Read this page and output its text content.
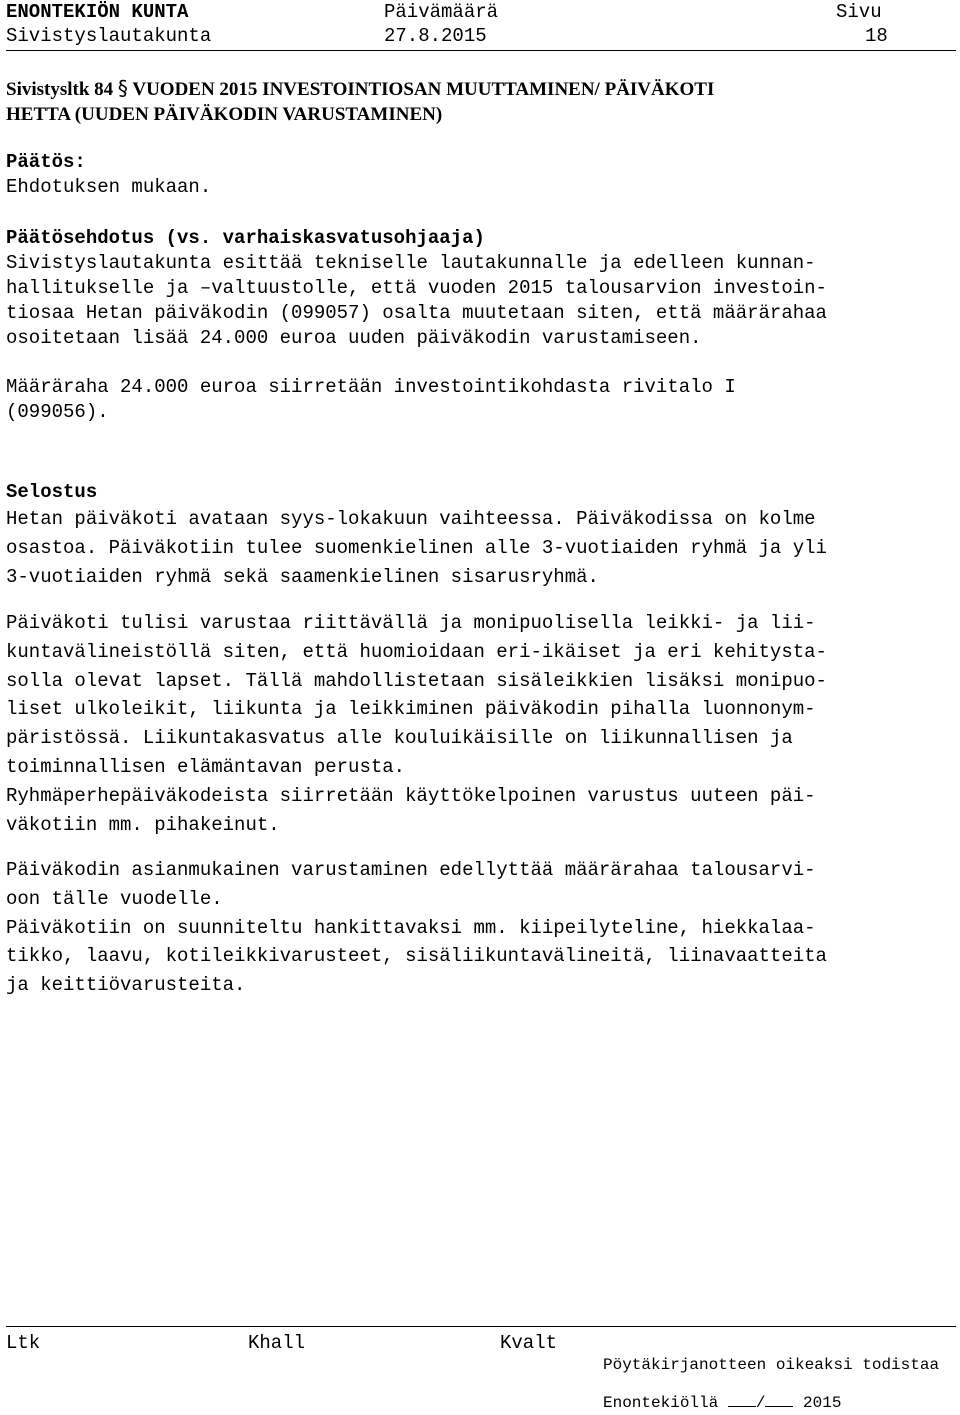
ENONTEKIÖN KUNTA
Sivistyslautakunta
Päivämäärä
27.8.2015
Sivu
18
Sivistysltk 84 § VUODEN 2015 INVESTOINTIOSAN MUUTTAMINEN/ PÄIVÄKOTI
HETTA (UUDEN PÄIVÄKODIN VARUSTAMINEN)
Päätös:
Ehdotuksen mukaan.
Päätösehdotus (vs. varhaiskasvatusohjaaja)
Sivistyslautakunta esittää tekniselle lautakunnalle ja edelleen kunnan-
hallitukselle ja –valtuustolle, että vuoden 2015 talousarvion investoin-
tiosaa Hetan päiväkodin (099057) osalta muutetaan siten, että määrärahaa
osoitetaan lisää 24.000 euroa uuden päiväkodin varustamiseen.
Määräraha 24.000 euroa siirretään investointikohdasta rivitalo I
(099056).
Selostus
Hetan päiväkoti avataan syys-lokakuun vaihteessa. Päiväkodissa on kolme
osastoa. Päiväkotiin tulee suomenkielinen alle 3-vuotiaiden ryhmä ja yli
3-vuotiaiden ryhmä sekä saamenkielinen sisarusryhmä.
Päiväkoti tulisi varustaa riittävällä ja monipuolisella leikki- ja lii-
kuntavälineistöllä siten, että huomioidaan eri-ikäiset ja eri kehitysta-
solla olevat lapset. Tällä mahdollistetaan sisäleikkien lisäksi monipuo-
liset ulkoleikit, liikunta ja leikkiminen päiväkodin pihalla luonnonym-
päristössä. Liikuntakasvatus alle kouluikäisille on liikunnallisen ja
toiminnallisen elämäntavan perusta.
Ryhmäperhepäiväkodeista siirretään käyttökelpoinen varustus uuteen päi-
väkotiin mm. pihakeinut.
Päiväkodin asianmukainen varustaminen edellyttää määrärahaa talousarvi-
oon tälle vuodelle.
Päiväkotiin on suunniteltu hankittavaksi mm. kiipeilyteline, hiekkalaa-
tikko, laavu, kotileikkivarusteet, sisäliikuntavälineitä, liinavaatteita
ja keittiövarusteita.
Ltk	Khall	Kvalt
Pöytäkirjanotteen oikeaksi todistaa
Enontekiöllä / 2015
